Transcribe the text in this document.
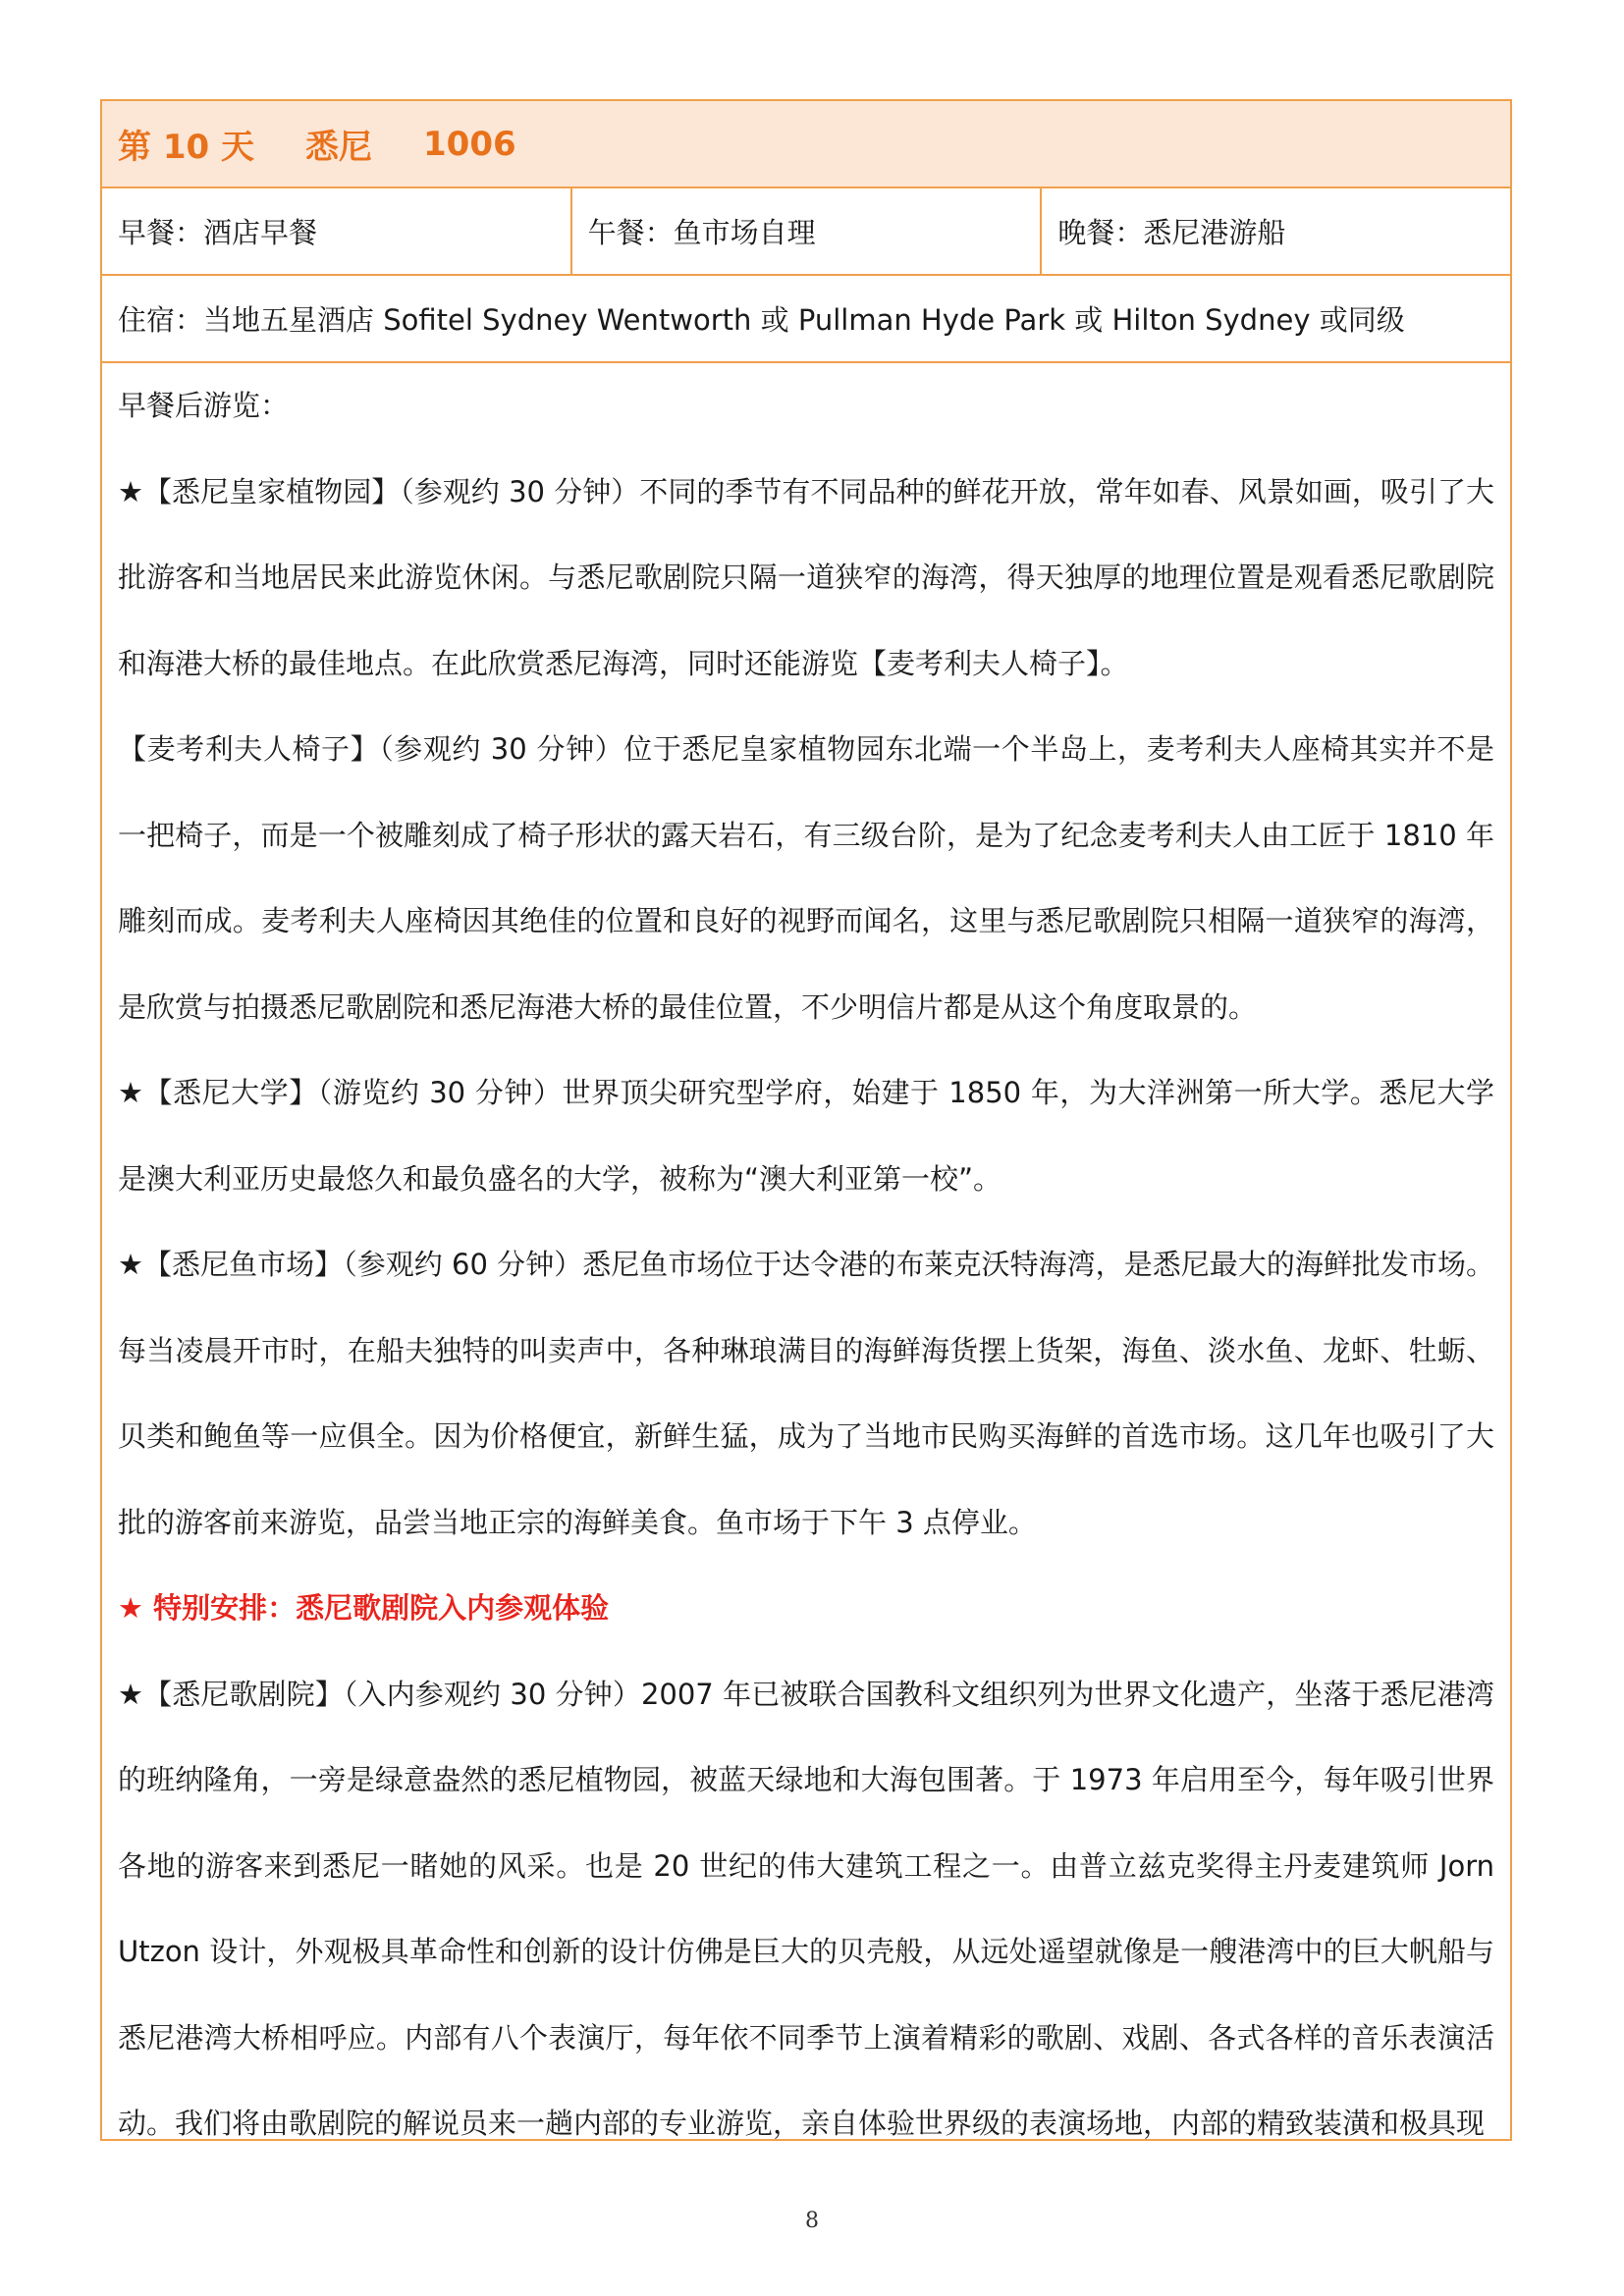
第 10 天 悉尼 1006
早餐：酒店早餐	午餐：鱼市场自理	晚餐：悉尼港游船
住宿：当地五星酒店 Sofitel Sydney Wentworth 或 Pullman Hyde Park 或 Hilton Sydney 或同级

早餐后游览：

★【悉尼皇家植物园】（参观约 30 分钟）不同的季节有不同品种的鲜花开放，常年如春、风景如画，吸引了大批游客和当地居民来此游览休闲。与悉尼歌剧院只隔一道狭窄的海湾，得天独厚的地理位置是观看悉尼歌剧院和海港大桥的最佳地点。在此欣赏悉尼海湾，同时还能游览【麦考利夫人椅子】。

【麦考利夫人椅子】（参观约 30 分钟）位于悉尼皇家植物园东北端一个半岛上，麦考利夫人座椅其实并不是一把椅子，而是一个被雕刻成了椅子形状的露天岩石，有三级台阶，是为了纪念麦考利夫人由工匠于 1810 年雕刻而成。麦考利夫人座椅因其绝佳的位置和良好的视野而闻名，这里与悉尼歌剧院只相隔一道狭窄的海湾，是欣赏与拍摄悉尼歌剧院和悉尼海港大桥的最佳位置，不少明信片都是从这个角度取景的。

★【悉尼大学】（游览约 30 分钟）世界顶尖研究型学府，始建于 1850 年，为大洋洲第一所大学。悉尼大学是澳大利亚历史最悠久和最负盛名的大学，被称为“澳大利亚第一校”。

★【悉尼鱼市场】（参观约 60 分钟）悉尼鱼市场位于达令港的布莱克沃特海湾，是悉尼最大的海鲜批发市场。每当凌晨开市时，在船夫独特的叫卖声中，各种琳琅满目的海鲜海货摆上货架，海鱼、淡水鱼、龙虾、牡蛎、贝类和鲍鱼等一应俱全。因为价格便宜，新鲜生猛，成为了当地市民购买海鲜的首选市场。这几年也吸引了大批的游客前来游览，品尝当地正宗的海鲜美食。鱼市场于下午 3 点停业。

★ 特别安排：悉尼歌剧院入内参观体验

★【悉尼歌剧院】（入内参观约 30 分钟）2007 年已被联合国教科文组织列为世界文化遗产，坐落于悉尼港湾的班纳隆角，一旁是绿意盎然的悉尼植物园，被蓝天绿地和大海包围著。于 1973 年启用至今，每年吸引世界各地的游客来到悉尼一睹她的风采。也是 20 世纪的伟大建筑工程之一。由普立兹克奖得主丹麦建筑师 Jorn Utzon 设计，外观极具革命性和创新的设计仿佛是巨大的贝壳般，从远处遥望就像是一艘港湾中的巨大帆船与悉尼港湾大桥相呼应。内部有八个表演厅，每年依不同季节上演着精彩的歌剧、戏剧、各式各样的音乐表演活动。我们将由歌剧院的解说员来一趟内部的专业游览，亲自体验世界级的表演场地，内部的精致装潢和极具现

8
